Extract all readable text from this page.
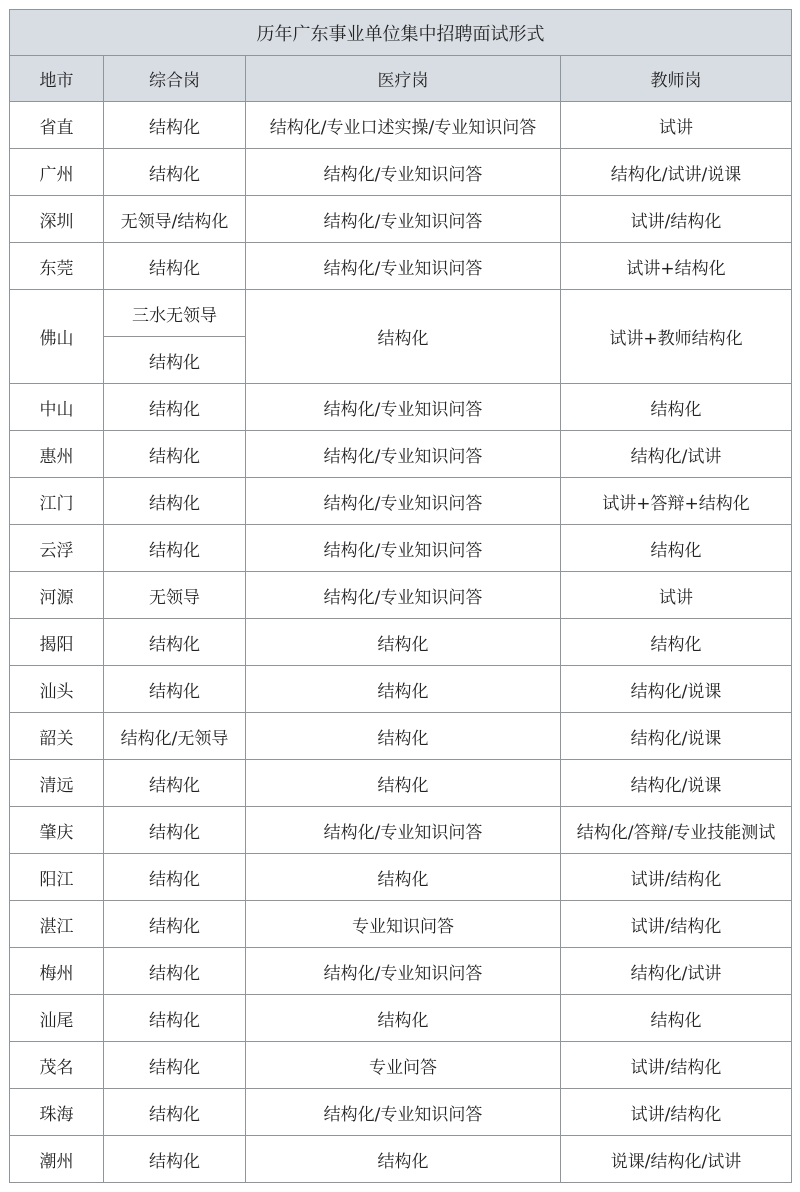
历年广东事业单位集中招聘面试形式			
地市	综合岗	医疗岗	教师岗
省直	结构化	结构化/专业口述实操/专业知识问答	试讲
广州	结构化	结构化/专业知识问答	结构化/试讲/说课
深圳	无领导/结构化	结构化/专业知识问答	试讲/结构化
东莞	结构化	结构化/专业知识问答	试讲+结构化
佛山	三水无领导	结构化	试讲+教师结构化
	结构化		
中山	结构化	结构化/专业知识问答	结构化
惠州	结构化	结构化/专业知识问答	结构化/试讲
江门	结构化	结构化/专业知识问答	试讲+答辩+结构化
云浮	结构化	结构化/专业知识问答	结构化
河源	无领导	结构化/专业知识问答	试讲
揭阳	结构化	结构化	结构化
汕头	结构化	结构化	结构化/说课
韶关	结构化/无领导	结构化	结构化/说课
清远	结构化	结构化	结构化/说课
肇庆	结构化	结构化/专业知识问答	结构化/答辩/专业技能测试
阳江	结构化	结构化	试讲/结构化
湛江	结构化	专业知识问答	试讲/结构化
梅州	结构化	结构化/专业知识问答	结构化/试讲
汕尾	结构化	结构化	结构化
茂名	结构化	专业问答	试讲/结构化
珠海	结构化	结构化/专业知识问答	试讲/结构化
潮州	结构化	结构化	说课/结构化/试讲
